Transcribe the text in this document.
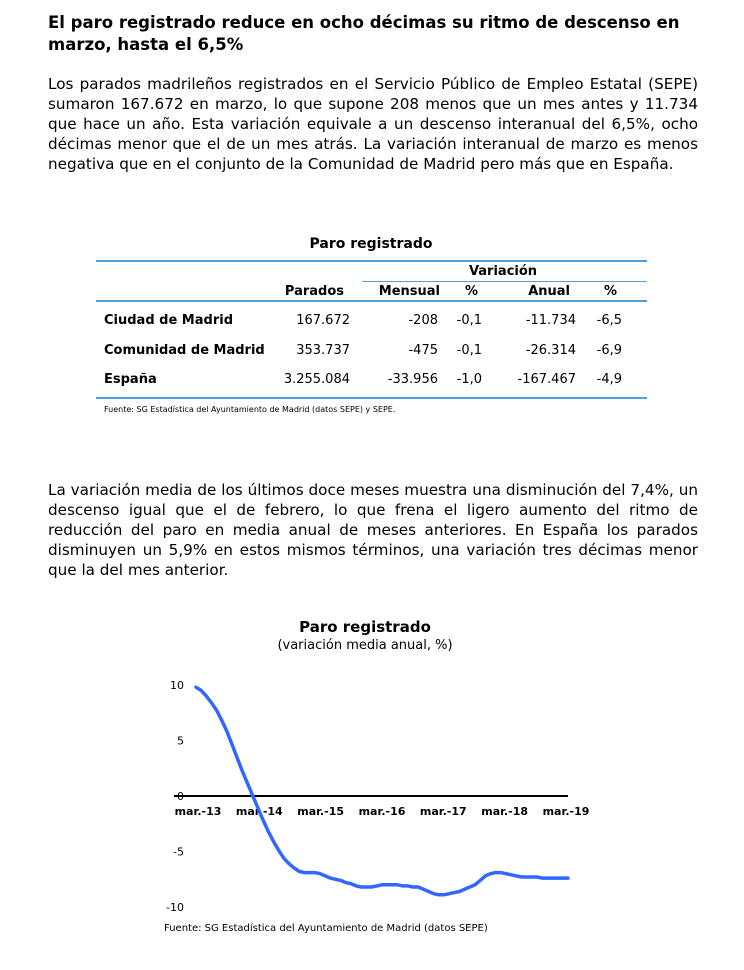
El paro registrado reduce en ocho décimas su ritmo de descenso en marzo, hasta el 6,5%

Los parados madrileños registrados en el Servicio Público de Empleo Estatal (SEPE) sumaron 167.672 en marzo, lo que supone 208 menos que un mes antes y 11.734 que hace un año. Esta variación equivale a un descenso interanual del 6,5%, ocho décimas menor que el de un mes atrás. La variación interanual de marzo es menos negativa que en el conjunto de la Comunidad de Madrid pero más que en España.

Paro registrado
Variación
Parados	Mensual	%	Anual	%
Ciudad de Madrid	167.672	-208	-0,1	-11.734	-6,5
Comunidad de Madrid	353.737	-475	-0,1	-26.314	-6,9
España	3.255.084	-33.956	-1,0	-167.467	-4,9
Fuente: SG Estadística del Ayuntamiento de Madrid (datos SEPE) y SEPE.

La variación media de los últimos doce meses muestra una disminución del 7,4%, un descenso igual que el de febrero, lo que frena el ligero aumento del ritmo de reducción del paro en media anual de meses anteriores. En España los parados disminuyen un 5,9% en estos mismos términos, una variación tres décimas menor que la del mes anterior.

Paro registrado
(variación media anual, %)
10
5
0
-5
-10
mar.-13 mar.-14 mar.-15 mar.-16 mar.-17 mar.-18 mar.-19
Fuente: SG Estadística del Ayuntamiento de Madrid (datos SEPE)
